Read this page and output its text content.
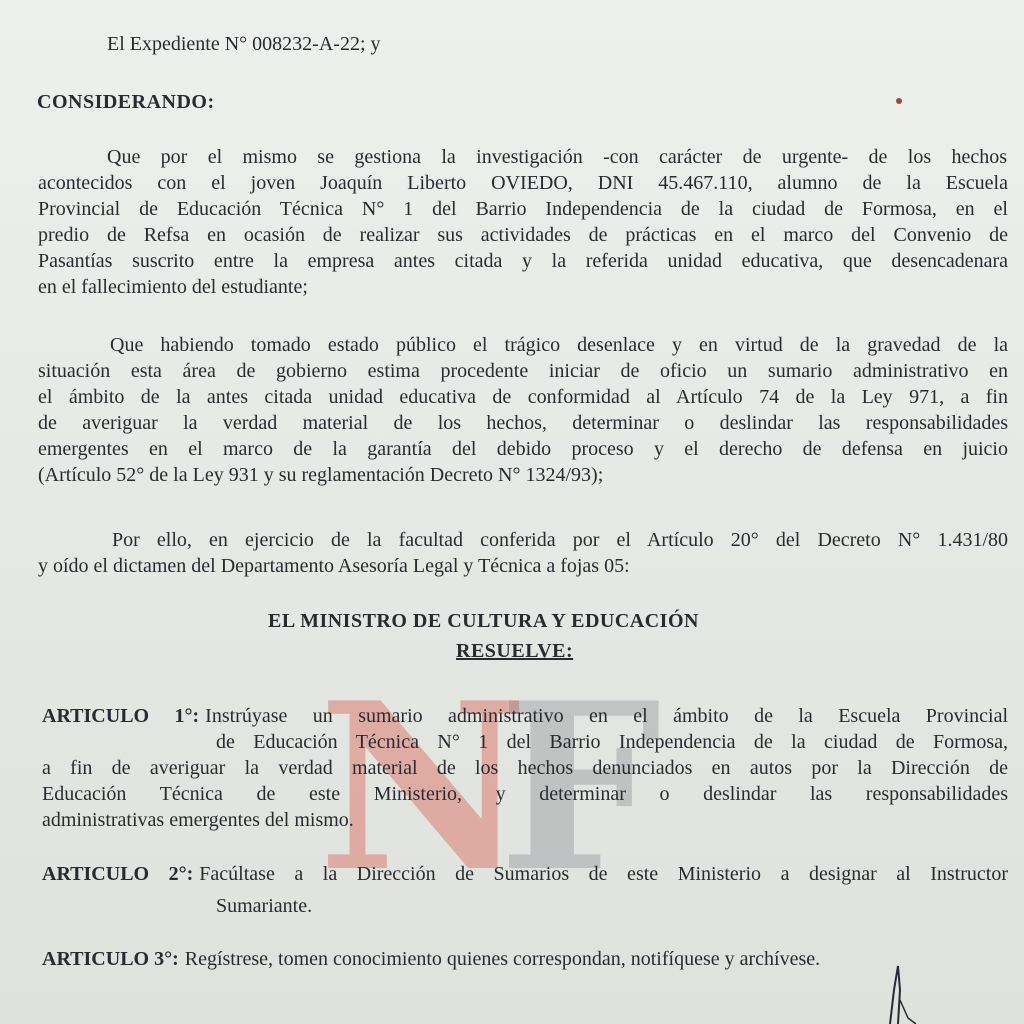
El Expediente N° 008232-A-22; y

CONSIDERANDO:

Que por el mismo se gestiona la investigación -con carácter de urgente- de los hechos

acontecidos con el joven Joaquín Liberto OVIEDO, DNI 45.467.110, alumno de la Escuela

Provincial de Educación Técnica N° 1 del Barrio Independencia de la ciudad de Formosa, en el

predio de Refsa en ocasión de realizar sus actividades de prácticas en el marco del Convenio de

Pasantías suscrito entre la empresa antes citada y la referida unidad educativa, que desencadenara

en el fallecimiento del estudiante;

Que habiendo tomado estado público el trágico desenlace y en virtud de la gravedad de la

situación esta área de gobierno estima procedente iniciar de oficio un sumario administrativo en

el ámbito de la antes citada unidad educativa de conformidad al Artículo 74 de la Ley 971, a fin

de averiguar la verdad material de los hechos, determinar o deslindar las responsabilidades

emergentes en el marco de la garantía del debido proceso y el derecho de defensa en juicio

(Artículo 52° de la Ley 931 y su reglamentación Decreto N° 1324/93);

Por ello, en ejercicio de la facultad conferida por el Artículo 20° del Decreto N° 1.431/80

y oído el dictamen del Departamento Asesoría Legal y Técnica a fojas 05:

EL MINISTRO DE CULTURA Y EDUCACIÓN

RESUELVE:

N
F

ARTICULO 1°: Instrúyase un sumario administrativo en el ámbito de la Escuela Provincial

de Educación Técnica N° 1 del Barrio Independencia de la ciudad de Formosa,

a fin de averiguar la verdad material de los hechos denunciados en autos por la Dirección de

Educación Técnica de este Ministerio, y determinar o deslindar las responsabilidades

administrativas emergentes del mismo.

ARTICULO 2°: Facúltase a la Dirección de Sumarios de este Ministerio a designar al Instructor

Sumariante.

ARTICULO 3°: Regístrese, tomen conocimiento quienes correspondan, notifíquese y archívese.
